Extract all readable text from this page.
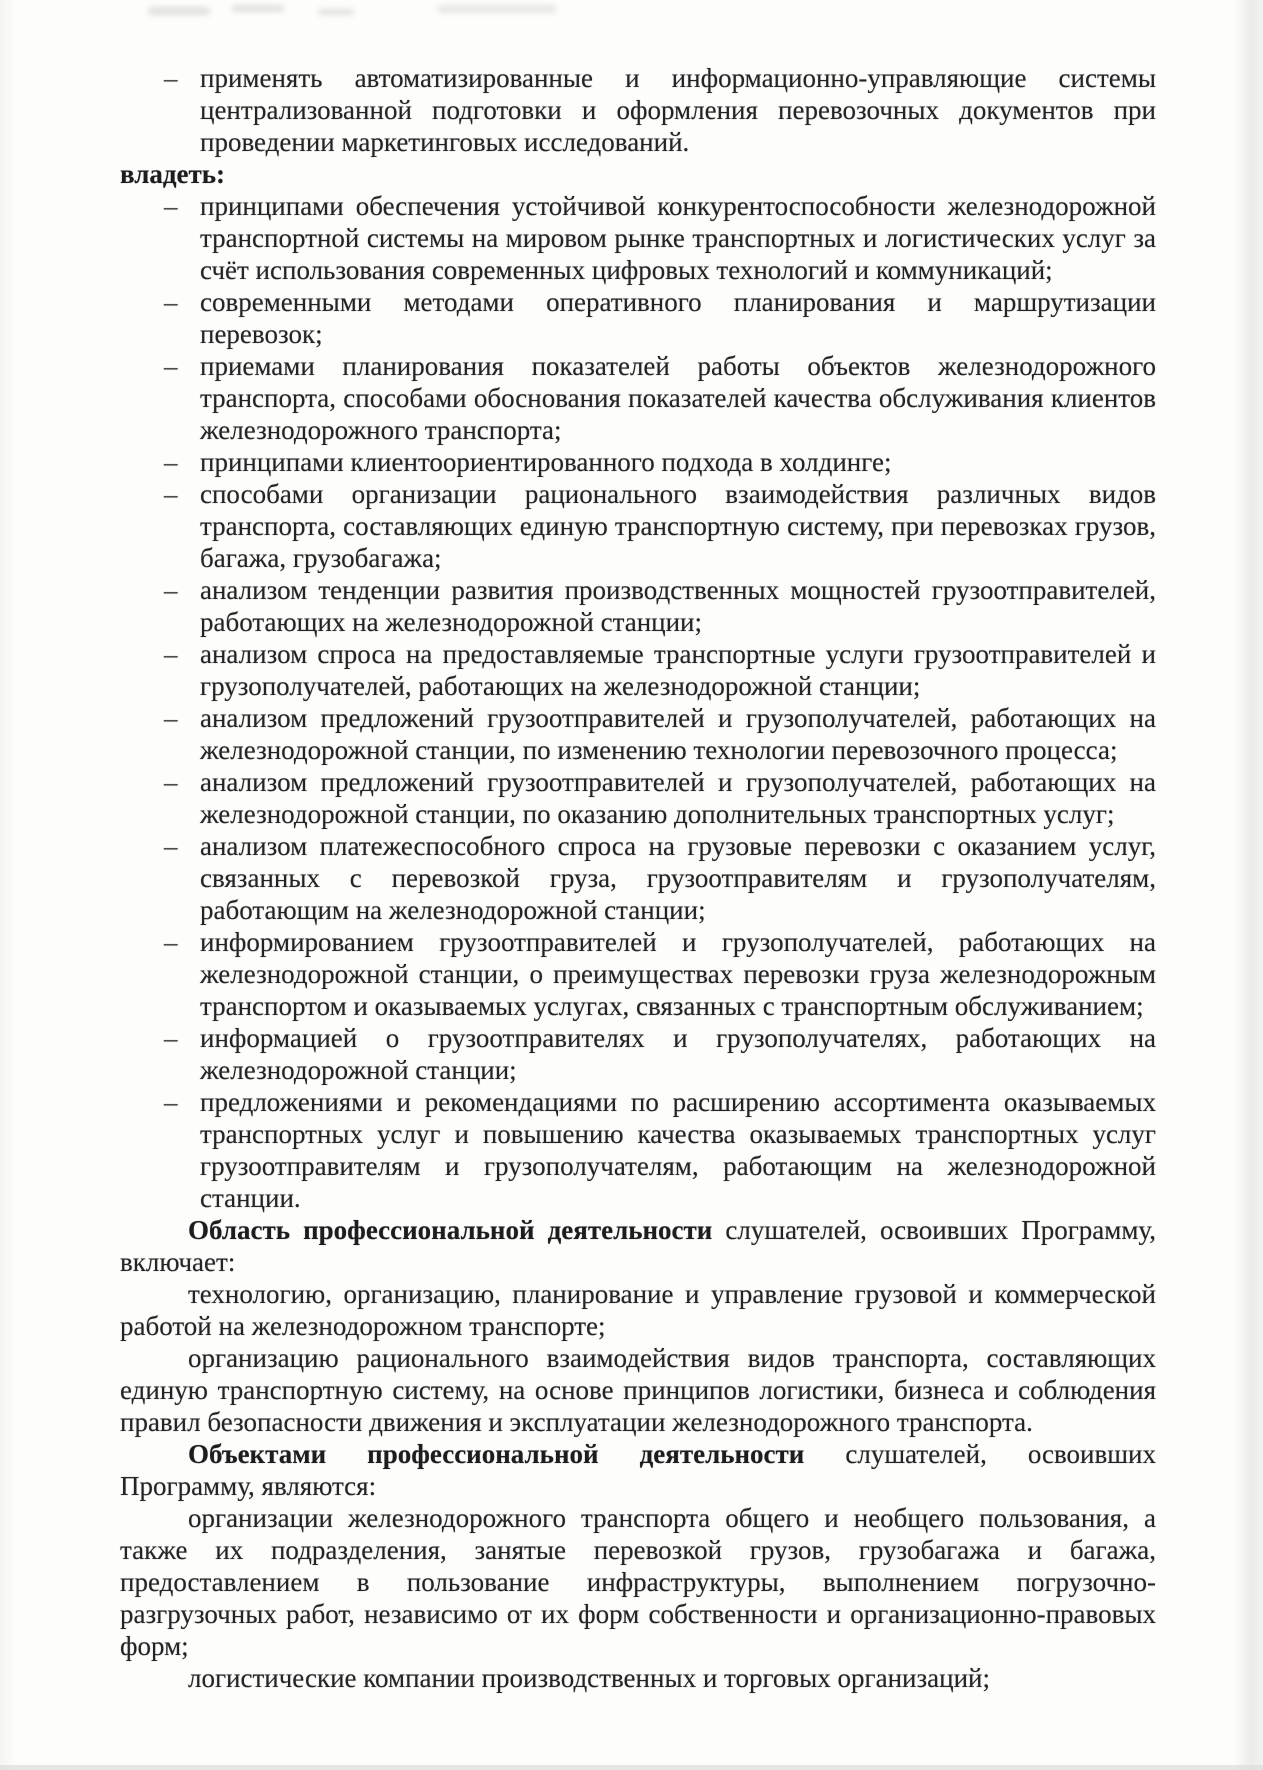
– применять автоматизированные и информационно-управляющие системы централизованной подготовки и оформления перевозочных документов при проведении маркетинговых исследований.

владеть:

– принципами обеспечения устойчивой конкурентоспособности железнодорожной транспортной системы на мировом рынке транспортных и логистических услуг за счёт использования современных цифровых технологий и коммуникаций;
– современными методами оперативного планирования и маршрутизации перевозок;
– приемами планирования показателей работы объектов железнодорожного транспорта, способами обоснования показателей качества обслуживания клиентов железнодорожного транспорта;
– принципами клиентоориентированного подхода в холдинге;
– способами организации рационального взаимодействия различных видов транспорта, составляющих единую транспортную систему, при перевозках грузов, багажа, грузобагажа;
– анализом тенденции развития производственных мощностей грузоотправителей, работающих на железнодорожной станции;
– анализом спроса на предоставляемые транспортные услуги грузоотправителей и грузополучателей, работающих на железнодорожной станции;
– анализом предложений грузоотправителей и грузополучателей, работающих на железнодорожной станции, по изменению технологии перевозочного процесса;
– анализом предложений грузоотправителей и грузополучателей, работающих на железнодорожной станции, по оказанию дополнительных транспортных услуг;
– анализом платежеспособного спроса на грузовые перевозки с оказанием услуг, связанных с перевозкой груза, грузоотправителям и грузополучателям, работающим на железнодорожной станции;
– информированием грузоотправителей и грузополучателей, работающих на железнодорожной станции, о преимуществах перевозки груза железнодорожным транспортом и оказываемых услугах, связанных с транспортным обслуживанием;
– информацией о грузоотправителях и грузополучателях, работающих на железнодорожной станции;
– предложениями и рекомендациями по расширению ассортимента оказываемых транспортных услуг и повышению качества оказываемых транспортных услуг грузоотправителям и грузополучателям, работающим на железнодорожной станции.

Область профессиональной деятельности слушателей, освоивших Программу, включает:

технологию, организацию, планирование и управление грузовой и коммерческой работой на железнодорожном транспорте;

организацию рационального взаимодействия видов транспорта, составляющих единую транспортную систему, на основе принципов логистики, бизнеса и соблюдения правил безопасности движения и эксплуатации железнодорожного транспорта.

Объектами профессиональной деятельности слушателей, освоивших Программу, являются:

организации железнодорожного транспорта общего и необщего пользования, а также их подразделения, занятые перевозкой грузов, грузобагажа и багажа, предоставлением в пользование инфраструктуры, выполнением погрузочно-разгрузочных работ, независимо от их форм собственности и организационно-правовых форм;

логистические компании производственных и торговых организаций;
